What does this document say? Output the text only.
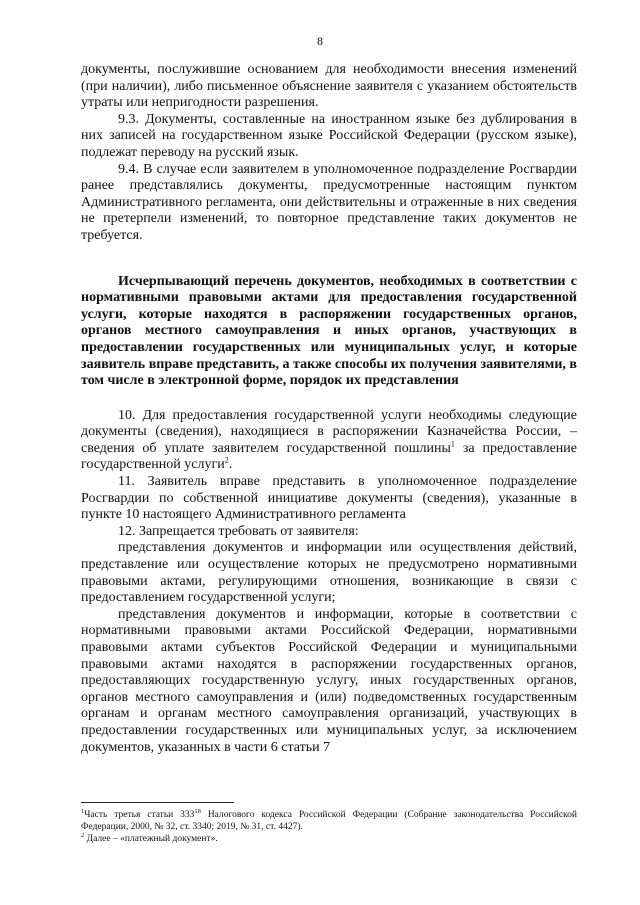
8

документы, послужившие основанием для необходимости внесения изменений (при наличии), либо письменное объяснение заявителя с указанием обстоятельств утраты или непригодности разрешения.

9.3. Документы, составленные на иностранном языке без дублирования в них записей на государственном языке Российской Федерации (русском языке), подлежат переводу на русский язык.

9.4. В случае если заявителем в уполномоченное подразделение Росгвардии ранее представлялись документы, предусмотренные настоящим пунктом Административного регламента, они действительны и отраженные в них сведения не претерпели изменений, то повторное представление таких документов не требуется.

Исчерпывающий перечень документов, необходимых в соответствии с нормативными правовыми актами для предоставления государственной услуги, которые находятся в распоряжении государственных органов, органов местного самоуправления и иных органов, участвующих в предоставлении государственных или муниципальных услуг, и которые заявитель вправе представить, а также способы их получения заявителями, в том числе в электронной форме, порядок их представления

10. Для предоставления государственной услуги необходимы следующие документы (сведения), находящиеся в распоряжении Казначейства России, – сведения об уплате заявителем государственной пошлины$^1$ за предоставление государственной услуги$^2$.

11. Заявитель вправе представить в уполномоченное подразделение Росгвардии по собственной инициативе документы (сведения), указанные в пункте 10 настоящего Административного регламента

12. Запрещается требовать от заявителя:

представления документов и информации или осуществления действий, представление или осуществление которых не предусмотрено нормативными правовыми актами, регулирующими отношения, возникающие в связи с предоставлением государственной услуги;

представления документов и информации, которые в соответствии с нормативными правовыми актами Российской Федерации, нормативными правовыми актами субъектов Российской Федерации и муниципальными правовыми актами находятся в распоряжении государственных органов, предоставляющих государственную услугу, иных государственных органов, органов местного самоуправления и (или) подведомственных государственным органам и органам местного самоуправления организаций, участвующих в предоставлении государственных или муниципальных услуг, за исключением документов, указанных в части 6 статьи 7

$^1$Часть третья статьи $333^{18}$ Налогового кодекса Российской Федерации (Собрание законодательства Российской Федерации, 2000, № 32, ст. 3340; 2019, № 31, ст. 4427).
$^2$ Далее – «платежный документ».
